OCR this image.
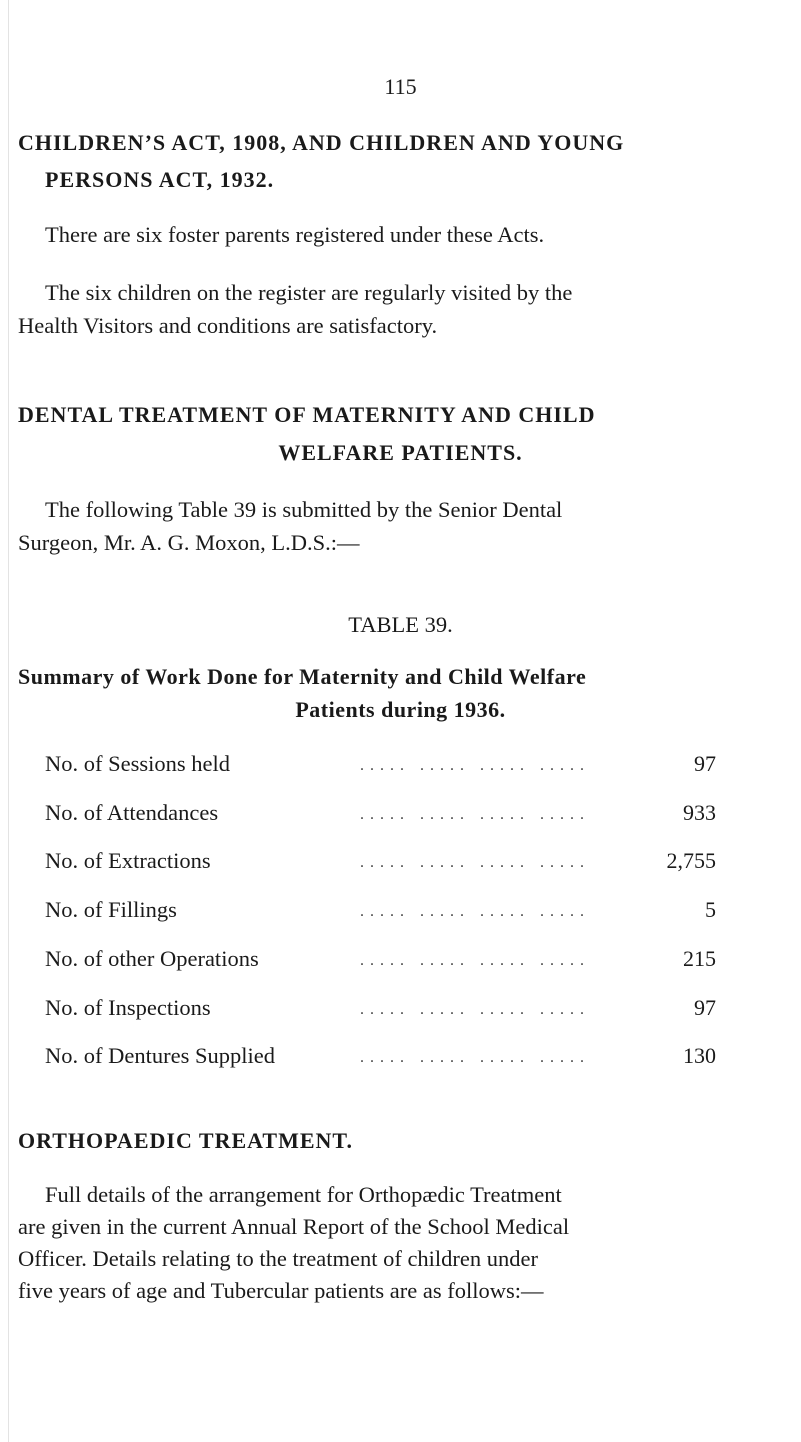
115
CHILDREN’S ACT, 1908, AND CHILDREN AND YOUNG
PERSONS ACT, 1932.
There are six foster parents registered under these Acts.
The six children on the register are regularly visited by the
Health Visitors and conditions are satisfactory.
DENTAL TREATMENT OF MATERNITY AND CHILD
WELFARE PATIENTS.
The following Table 39 is submitted by the Senior Dental
Surgeon, Mr. A. G. Moxon, L.D.S.:—
TABLE 39.
Summary of Work Done for Maternity and Child Welfare
Patients during 1936.
No. of Sessions held	..... ..... ..... .....	97
No. of Attendances	..... ..... ..... .....	933
No. of Extractions	..... ..... ..... .....	2,755
No. of Fillings	..... ..... ..... .....	5
No. of other Operations	..... ..... ..... .....	215
No. of Inspections	..... ..... ..... .....	97
No. of Dentures Supplied	..... ..... ..... .....	130
ORTHOPAEDIC TREATMENT.
Full details of the arrangement for Orthopædic Treatment
are given in the current Annual Report of the School Medical
Officer. Details relating to the treatment of children under
five years of age and Tubercular patients are as follows:—
